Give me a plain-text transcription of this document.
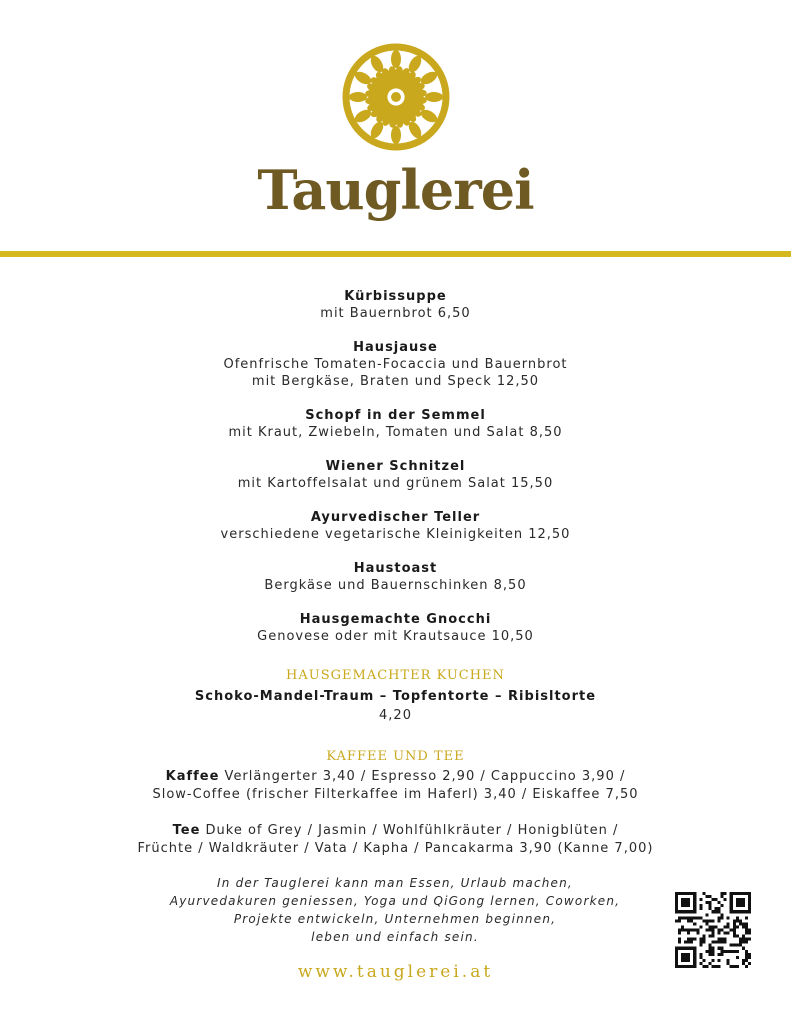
Tauglerei
Kürbissuppe
mit Bauernbrot 6,50
Hausjause
Ofenfrische Tomaten-Focaccia und Bauernbrot
mit Bergkäse, Braten und Speck 12,50
Schopf in der Semmel
mit Kraut, Zwiebeln, Tomaten und Salat 8,50
Wiener Schnitzel
mit Kartoffelsalat und grünem Salat 15,50
Ayurvedischer Teller
verschiedene vegetarische Kleinigkeiten 12,50
Haustoast
Bergkäse und Bauernschinken 8,50
Hausgemachte Gnocchi
Genovese oder mit Krautsauce 10,50
HAUSGEMACHTER KUCHEN
Schoko-Mandel-Traum – Topfentorte – Ribisltorte
4,20
KAFFEE UND TEE
Kaffee Verlängerter 3,40 / Espresso 2,90 / Cappuccino 3,90 /
Slow-Coffee (frischer Filterkaffee im Haferl) 3,40 / Eiskaffee 7,50
Tee Duke of Grey / Jasmin / Wohlfühlkräuter / Honigblüten /
Früchte / Waldkräuter / Vata / Kapha / Pancakarma 3,90 (Kanne 7,00)
In der Tauglerei kann man Essen, Urlaub machen,
Ayurvedakuren geniessen, Yoga und QiGong lernen, Coworken,
Projekte entwickeln, Unternehmen beginnen,
leben und einfach sein.
www.tauglerei.at
